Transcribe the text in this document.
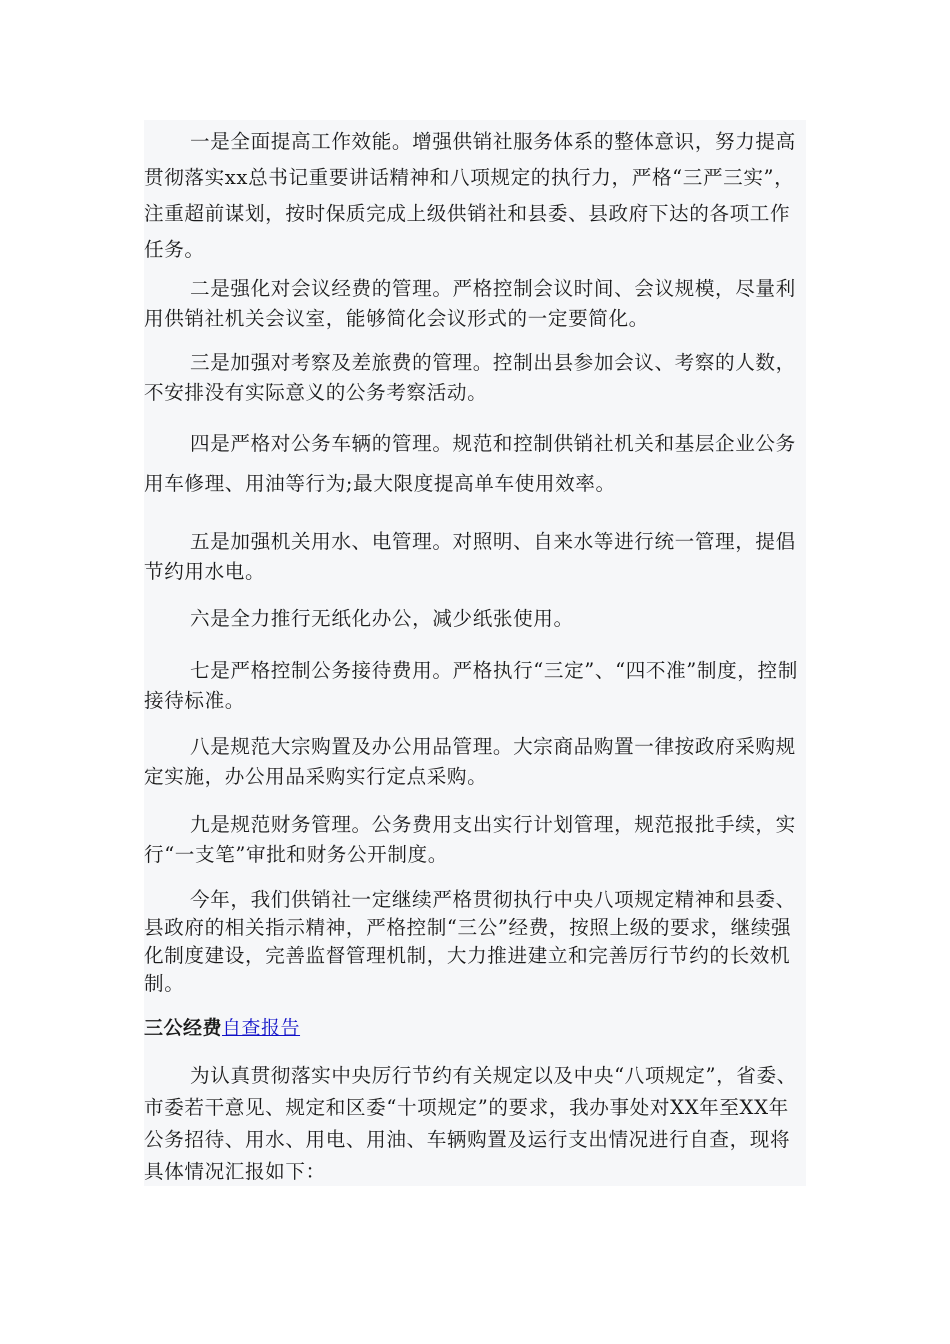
一是全面提高工作效能。增强供销社服务体系的整体意识，努力提高贯彻落实xx总书记重要讲话精神和八项规定的执行力，严格“三严三实”，注重超前谋划，按时保质完成上级供销社和县委、县政府下达的各项工作任务。

二是强化对会议经费的管理。严格控制会议时间、会议规模，尽量利用供销社机关会议室，能够简化会议形式的一定要简化。

三是加强对考察及差旅费的管理。控制出县参加会议、考察的人数，不安排没有实际意义的公务考察活动。

四是严格对公务车辆的管理。规范和控制供销社机关和基层企业公务用车修理、用油等行为;最大限度提高单车使用效率。

五是加强机关用水、电管理。对照明、自来水等进行统一管理，提倡节约用水电。

六是全力推行无纸化办公，减少纸张使用。

七是严格控制公务接待费用。严格执行“三定”、“四不准”制度，控制接待标准。

八是规范大宗购置及办公用品管理。大宗商品购置一律按政府采购规定实施，办公用品采购实行定点采购。

九是规范财务管理。公务费用支出实行计划管理，规范报批手续，实行“一支笔”审批和财务公开制度。

今年，我们供销社一定继续严格贯彻执行中央八项规定精神和县委、县政府的相关指示精神，严格控制“三公”经费，按照上级的要求，继续强化制度建设，完善监督管理机制，大力推进建立和完善厉行节约的长效机制。

三公经费自查报告

为认真贯彻落实中央厉行节约有关规定以及中央“八项规定”，省委、市委若干意见、规定和区委“十项规定”的要求，我办事处对XX年至XX年公务招待、用水、用电、用油、车辆购置及运行支出情况进行自查，现将具体情况汇报如下：
